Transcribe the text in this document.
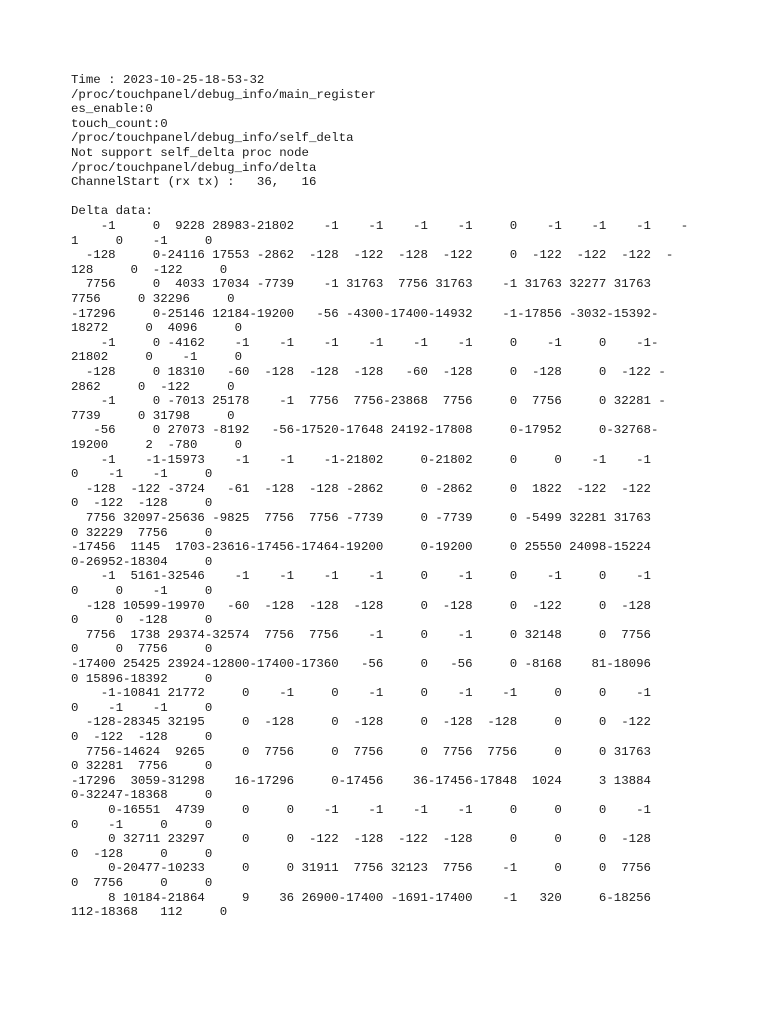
Time : 2023-10-25-18-53-32
/proc/touchpanel/debug_info/main_register
es_enable:0
touch_count:0
/proc/touchpanel/debug_info/self_delta
Not support self_delta proc node
/proc/touchpanel/debug_info/delta
ChannelStart (rx tx) :   36,   16
Delta data:
-1     0  9228 28983-21802    -1    -1    -1    -1     0    -1    -1    -1    -
1     0    -1     0
-128     0-24116 17553 -2862  -128  -122  -128  -122     0  -122  -122  -122  -
128     0  -122     0
7756     0  4033 17034 -7739    -1 31763  7756 31763    -1 31763 32277 31763
7756     0 32296     0
-17296     0-25146 12184-19200   -56 -4300-17400-14932    -1-17856 -3032-15392-
18272     0  4096     0
-1     0 -4162    -1    -1    -1    -1    -1    -1     0    -1     0    -1-
21802     0    -1     0
-128     0 18310   -60  -128  -128  -128   -60  -128     0  -128     0  -122 -
2862     0  -122     0
-1     0 -7013 25178    -1  7756  7756-23868  7756     0  7756     0 32281 -
7739     0 31798     0
-56     0 27073 -8192   -56-17520-17648 24192-17808     0-17952     0-32768-
19200     2  -780     0
-1    -1-15973    -1    -1    -1-21802     0-21802     0     0    -1    -1
0    -1    -1     0
-128  -122 -3724   -61  -128  -128 -2862     0 -2862     0  1822  -122  -122
0  -122  -128     0
7756 32097-25636 -9825  7756  7756 -7739     0 -7739     0 -5499 32281 31763
0 32229  7756     0
-17456  1145  1703-23616-17456-17464-19200     0-19200     0 25550 24098-15224
0-26952-18304     0
-1  5161-32546    -1    -1    -1    -1     0    -1     0    -1     0    -1
0     0    -1     0
-128 10599-19970   -60  -128  -128  -128     0  -128     0  -122     0  -128
0     0  -128     0
7756  1738 29374-32574  7756  7756    -1     0    -1     0 32148     0  7756
0     0  7756     0
-17400 25425 23924-12800-17400-17360   -56     0   -56     0 -8168    81-18096
0 15896-18392     0
-1-10841 21772     0    -1     0    -1     0    -1    -1     0     0    -1
0    -1    -1     0
-128-28345 32195     0  -128     0  -128     0  -128  -128     0     0  -122
0  -122  -128     0
7756-14624  9265     0  7756     0  7756     0  7756  7756     0     0 31763
0 32281  7756     0
-17296  3059-31298    16-17296     0-17456    36-17456-17848  1024     3 13884
0-32247-18368     0
0-16551  4739     0     0    -1    -1    -1    -1     0     0     0    -1
0    -1     0     0
0 32711 23297     0     0  -122  -128  -122  -128     0     0     0  -128
0  -128     0     0
0-20477-10233     0     0 31911  7756 32123  7756    -1     0     0  7756
0  7756     0     0
8 10184-21864     9    36 26900-17400 -1691-17400    -1   320     6-18256
112-18368   112     0
